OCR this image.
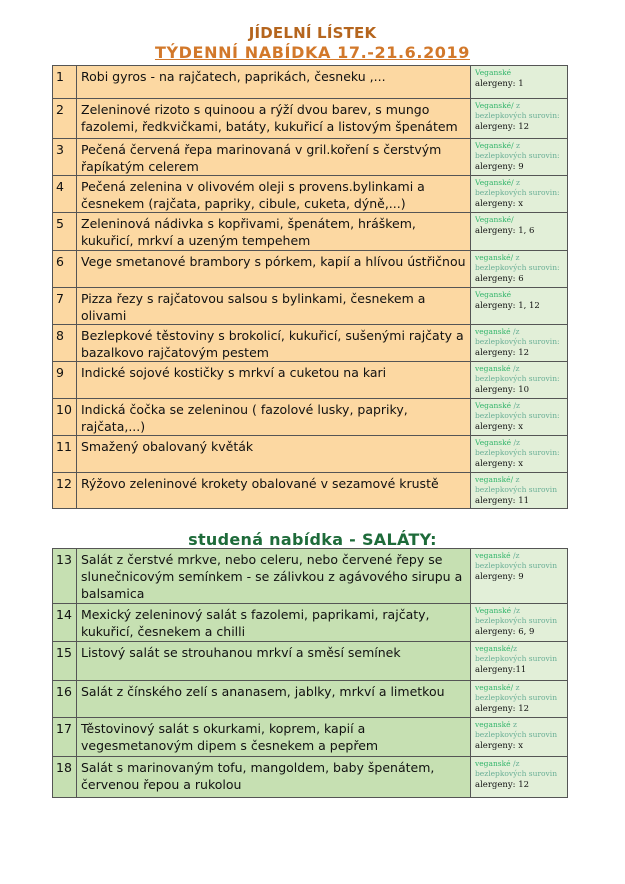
JÍDELNÍ LÍSTEK
TÝDENNÍ NABÍDKA 17.-21.6.2019
1	Robi gyros - na rajčatech, paprikách, česneku ,...	Veganské
alergeny: 1

2	Zeleninové rizoto s quinoou a rýží dvou barev, s mungo fazolemi, ředkvičkami, batáty, kukuřicí a listovým špenátem	Veganské/ z bezlepkových surovin:
alergeny: 12

3	Pečená červená řepa marinovaná v gril.koření s čerstvým řapíkatým celerem	Veganské/ z bezlepkových surovin:
alergeny: 9

4	Pečená zelenina v olivovém oleji s provens.bylinkami a česnekem (rajčata, papriky, cibule, cuketa, dýně,...)	Veganské/ z bezlepkových surovin:
alergeny: x

5	Zeleninová nádivka s kopřivami, špenátem, hráškem, kukuřicí, mrkví a uzeným tempehem	Veganské/
alergeny: 1, 6

6	Vege smetanové brambory s pórkem, kapií a hlívou ústřičnou	veganské/ z bezlepkových surovin:
alergeny: 6

7	Pizza řezy s rajčatovou salsou s bylinkami, česnekem a olivami	Veganské
alergeny: 1, 12

8	Bezlepkové těstoviny s brokolicí, kukuřicí, sušenými rajčaty a bazalkovo rajčatovým pestem	veganské /z bezlepkových surovin:
alergeny: 12

9	Indické sojové kostičky s mrkví a cuketou na kari	veganské /z bezlepkových surovin:
alergeny: 10

10	Indická čočka se zeleninou ( fazolové lusky, papriky, rajčata,...)	Veganské /z bezlepkových surovin:
alergeny: x

11	Smažený obalovaný květák	Veganské /z bezlepkových surovin:
alergeny: x

12	Rýžovo zeleninové krokety obalované v sezamové krustě	veganské/ z bezlepkových surovin
alergeny: 11
studená nabídka - SALÁTY:
13	Salát z čerstvé mrkve, nebo celeru, nebo červené řepy se slunečnicovým semínkem - se zálivkou z agávového sirupu a balsamica	veganské /z bezlepkových surovin
alergeny: 9

14	Mexický zeleninový salát s fazolemi, paprikami, rajčaty, kukuřicí, česnekem a chilli	Veganské /z bezlepkových surovin
alergeny: 6, 9

15	Listový salát se strouhanou mrkví a směsí semínek	veganské/z bezlepkových surovin
alergeny:11

16	Salát z čínského zelí s ananasem, jablky, mrkví a limetkou	veganské/ z bezlepkových surovin
alergeny: 12

17	Těstovinový salát s okurkami, koprem, kapií a vegesmetanovým dipem s česnekem a pepřem	veganské z bezlepkových surovin
alergeny: x

18	Salát s marinovaným tofu, mangoldem, baby špenátem, červenou řepou a rukolou	veganské /z bezlepkových surovin
alergeny: 12
